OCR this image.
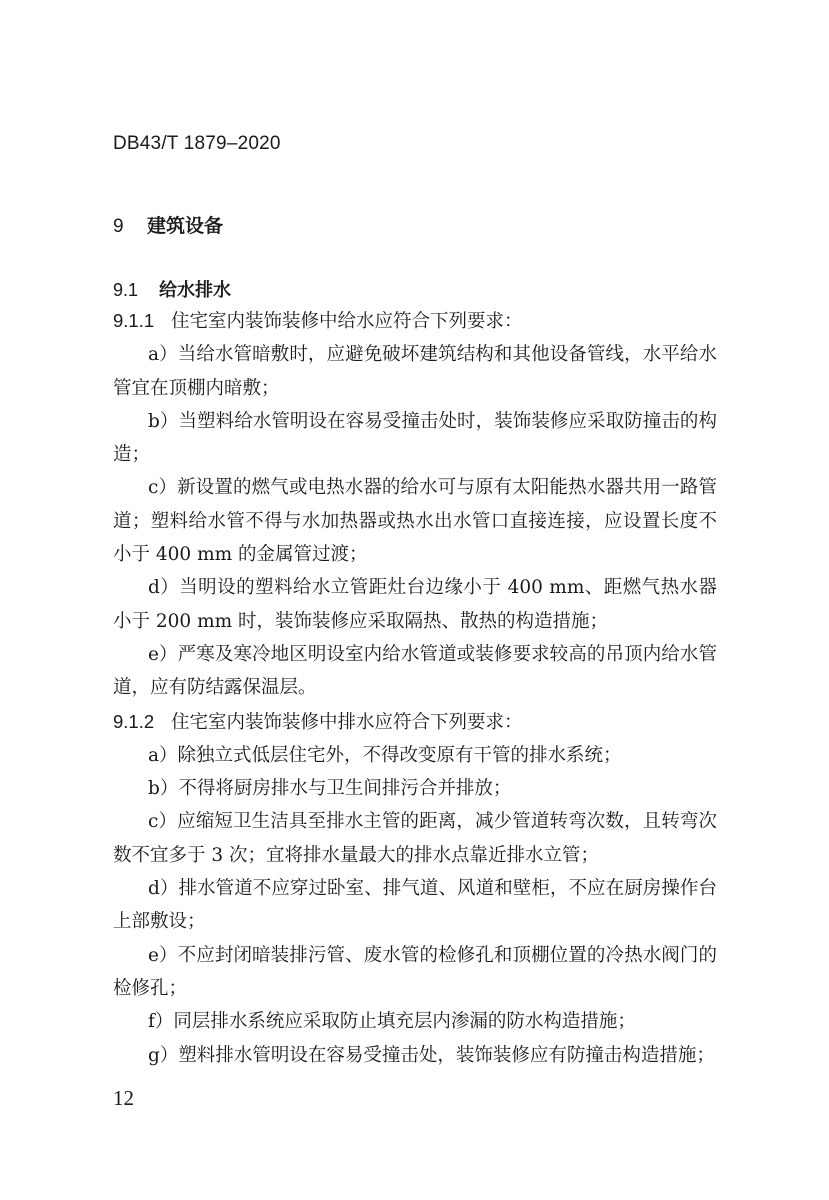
DB43/T 1879–2020
9 建筑设备
9.1 给水排水

9.1.1 住宅室内装饰装修中给水应符合下列要求：

a）当给水管暗敷时，应避免破坏建筑结构和其他设备管线，水平给水管宜在顶棚内暗敷；

b）当塑料给水管明设在容易受撞击处时，装饰装修应采取防撞击的构造；

c）新设置的燃气或电热水器的给水可与原有太阳能热水器共用一路管道；塑料给水管不得与水加热器或热水出水管口直接连接，应设置长度不小于 400 mm 的金属管过渡；

d）当明设的塑料给水立管距灶台边缘小于 400 mm、距燃气热水器小于 200 mm 时，装饰装修应采取隔热、散热的构造措施；

e）严寒及寒冷地区明设室内给水管道或装修要求较高的吊顶内给水管道，应有防结露保温层。

9.1.2 住宅室内装饰装修中排水应符合下列要求：

a）除独立式低层住宅外，不得改变原有干管的排水系统；

b）不得将厨房排水与卫生间排污合并排放；

c）应缩短卫生洁具至排水主管的距离，减少管道转弯次数，且转弯次数不宜多于 3 次；宜将排水量最大的排水点靠近排水立管；

d）排水管道不应穿过卧室、排气道、风道和壁柜，不应在厨房操作台上部敷设；

e）不应封闭暗装排污管、废水管的检修孔和顶棚位置的冷热水阀门的检修孔；

f）同层排水系统应采取防止填充层内渗漏的防水构造措施；

g）塑料排水管明设在容易受撞击处，装饰装修应有防撞击构造措施；

12
